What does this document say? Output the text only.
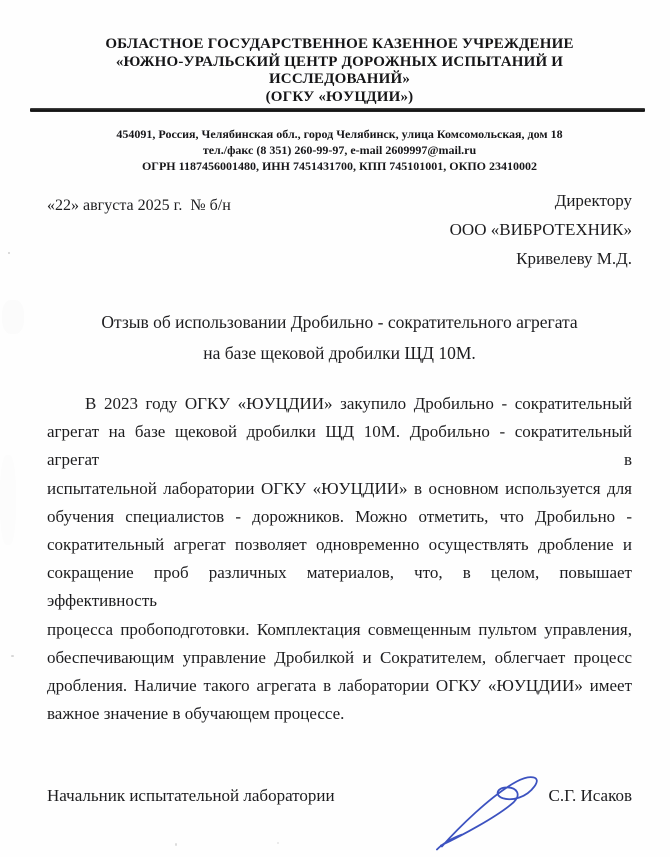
ОБЛАСТНОЕ ГОСУДАРСТВЕННОЕ КАЗЕННОЕ УЧРЕЖДЕНИЕ
«ЮЖНО-УРАЛЬСКИЙ ЦЕНТР ДОРОЖНЫХ ИСПЫТАНИЙ И ИССЛЕДОВАНИЙ»
(ОГКУ «ЮУЦДИИ»)
454091, Россия, Челябинская обл., город Челябинск, улица Комсомольская, дом 18
тел./факс (8 351) 260-99-97, e-mail 2609997@mail.ru
ОГРН 1187456001480, ИНН 7451431700, КПП 745101001, ОКПО 23410002
«22» августа 2025 г.  № б/н	Директору
ООО «ВИБРОТЕХНИК»
Кривелеву М.Д.
Отзыв об использовании Дробильно - сократительного агрегата
на базе щековой дробилки ЩД 10М.
В 2023 году ОГКУ «ЮУЦДИИ» закупило Дробильно - сократительный
агрегат на базе щековой дробилки ЩД 10М. Дробильно - сократительный агрегат в
испытательной лаборатории ОГКУ «ЮУЦДИИ» в основном используется для
обучения специалистов - дорожников. Можно отметить, что Дробильно -
сократительный агрегат позволяет одновременно осуществлять дробление и
сокращение проб различных материалов, что, в целом, повышает эффективность
процесса пробоподготовки. Комплектация совмещенным пультом управления,
обеспечивающим управление Дробилкой и Сократителем, облегчает процесс
дробления. Наличие такого агрегата в лаборатории ОГКУ «ЮУЦДИИ» имеет
важное значение в обучающем процессе.
Начальник испытательной лаборатории	С.Г. Исаков
